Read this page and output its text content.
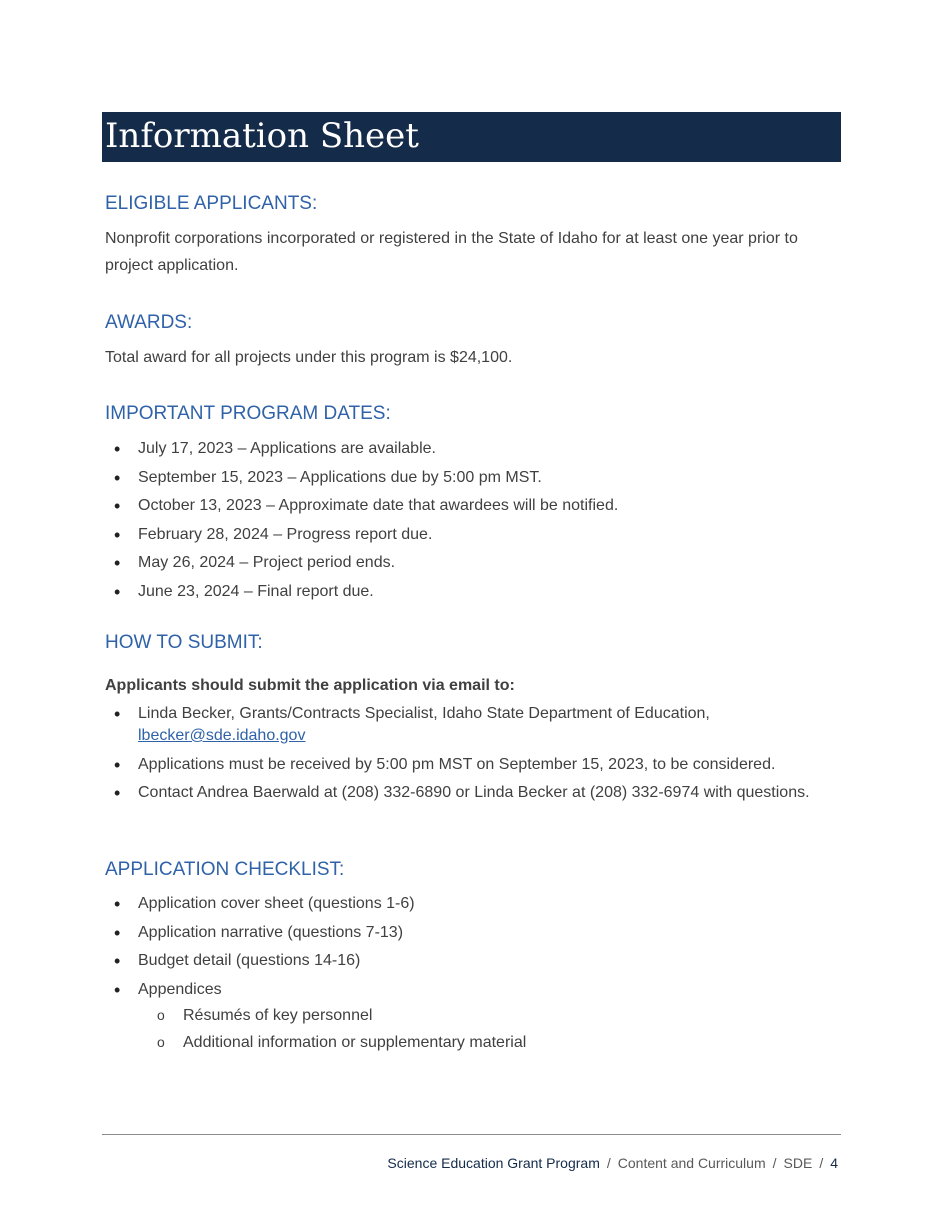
Information Sheet
ELIGIBLE APPLICANTS:

Nonprofit corporations incorporated or registered in the State of Idaho for at least one year prior to project application.

AWARDS:

Total award for all projects under this program is $24,100.

IMPORTANT PROGRAM DATES:
• July 17, 2023 – Applications are available.
• September 15, 2023 – Applications due by 5:00 pm MST.
• October 13, 2023 – Approximate date that awardees will be notified.
• February 28, 2024 – Progress report due.
• May 26, 2024 – Project period ends.
• June 23, 2024 – Final report due.
HOW TO SUBMIT:

Applicants should submit the application via email to:

• Linda Becker, Grants/Contracts Specialist, Idaho State Department of Education,
lbecker@sde.idaho.gov
• Applications must be received by 5:00 pm MST on September 15, 2023, to be considered.
• Contact Andrea Baerwald at (208) 332-6890 or Linda Becker at (208) 332-6974 with questions.
APPLICATION CHECKLIST:
• Application cover sheet (questions 1-6)
• Application narrative (questions 7-13)
• Budget detail (questions 14-16)
• Appendices
o Résumés of key personnel
o Additional information or supplementary material
Science Education Grant Program / Content and Curriculum / SDE / 4
